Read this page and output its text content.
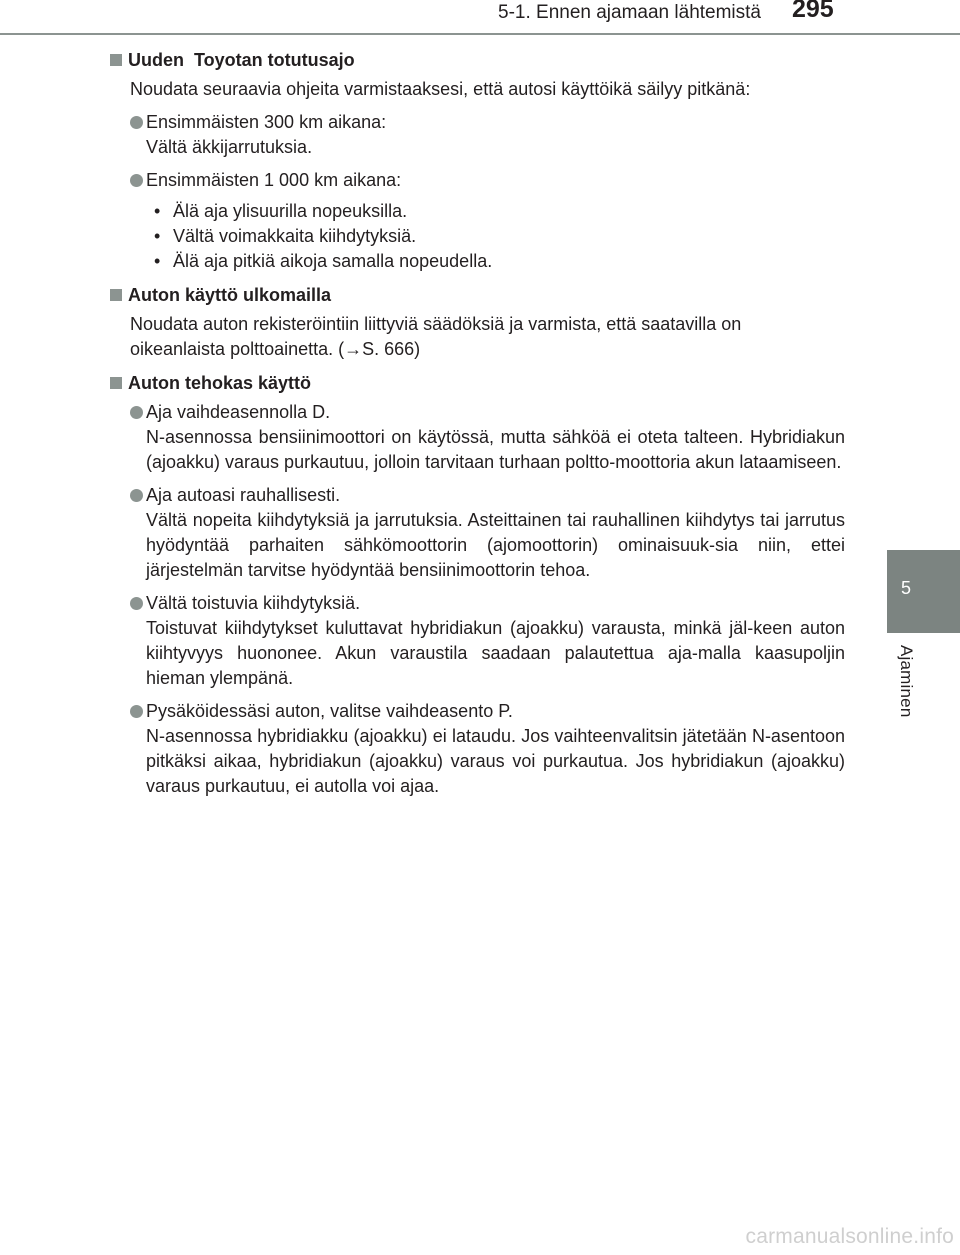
5-1. Ennen ajamaan lähtemistä 295
5
Ajaminen
Uuden  Toyotan totutusajo

Noudata seuraavia ohjeita varmistaaksesi, että autosi käyttöikä säilyy pitkänä:

Ensimmäisten 300 km aikana:

Vältä äkkijarrutuksia.

Ensimmäisten 1 000 km aikana:

• Älä aja ylisuurilla nopeuksilla.
• Vältä voimakkaita kiihdytyksiä.
• Älä aja pitkiä aikoja samalla nopeudella.
Auton käyttö ulkomailla

Noudata auton rekisteröintiin liittyviä säädöksiä ja varmista, että saatavilla on oikeanlaista polttoainetta. (→S. 666)

Auton tehokas käyttö

Aja vaihdeasennolla D.

N-asennossa bensiinimoottori on käytössä, mutta sähköä ei oteta talteen. Hybridiakun (ajoakku) varaus purkautuu, jolloin tarvitaan turhaan poltto-moottoria akun lataamiseen.

Aja autoasi rauhallisesti.

Vältä nopeita kiihdytyksiä ja jarrutuksia. Asteittainen tai rauhallinen kiihdytys tai jarrutus hyödyntää parhaiten sähkömoottorin (ajomoottorin) ominaisuuk-sia niin, ettei järjestelmän tarvitse hyödyntää bensiinimoottorin tehoa.

Vältä toistuvia kiihdytyksiä.

Toistuvat kiihdytykset kuluttavat hybridiakun (ajoakku) varausta, minkä jäl-keen auton kiihtyvyys huononee. Akun varaustila saadaan palautettua aja-malla kaasupoljin hieman ylempänä.

Pysäköidessäsi auton, valitse vaihdeasento P.

N-asennossa hybridiakku (ajoakku) ei lataudu. Jos vaihteenvalitsin jätetään N-asentoon pitkäksi aikaa, hybridiakun (ajoakku) varaus voi purkautua. Jos hybridiakun (ajoakku) varaus purkautuu, ei autolla voi ajaa.

carmanualsonline.info
